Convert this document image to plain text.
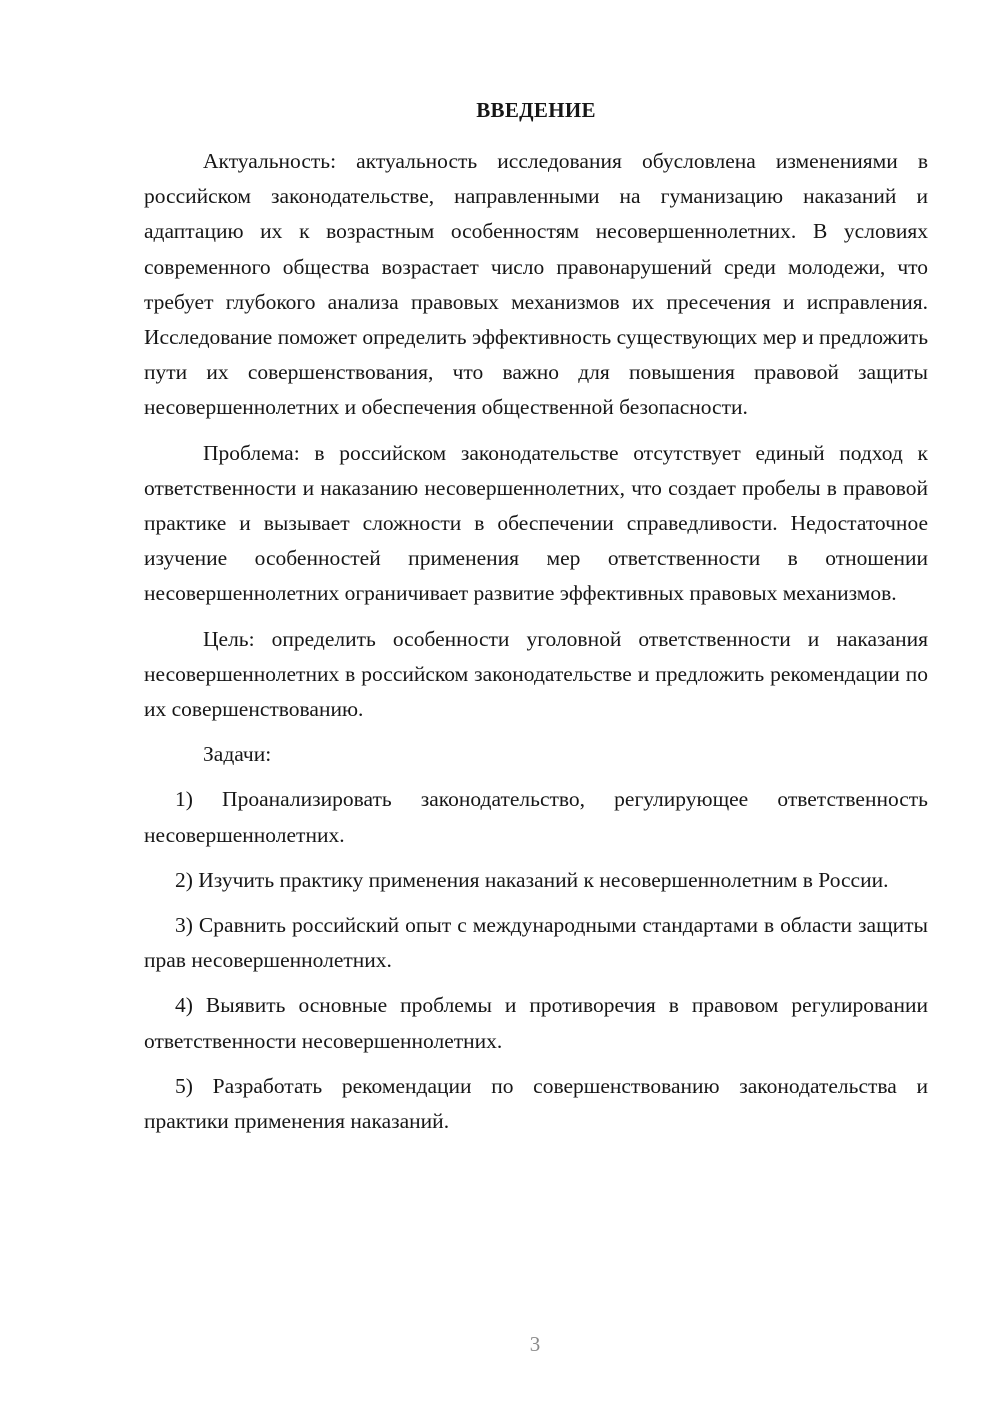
ВВЕДЕНИЕ

Актуальность: актуальность исследования обусловлена изменениями в российском законодательстве, направленными на гуманизацию наказаний и адаптацию их к возрастным особенностям несовершеннолетних. В условиях современного общества возрастает число правонарушений среди молодежи, что требует глубокого анализа правовых механизмов их пресечения и исправления. Исследование поможет определить эффективность существующих мер и предложить пути их совершенствования, что важно для повышения правовой защиты несовершеннолетних и обеспечения общественной безопасности.

Проблема: в российском законодательстве отсутствует единый подход к ответственности и наказанию несовершеннолетних, что создает пробелы в правовой практике и вызывает сложности в обеспечении справедливости. Недостаточное изучение особенностей применения мер ответственности в отношении несовершеннолетних ограничивает развитие эффективных правовых механизмов.

Цель: определить особенности уголовной ответственности и наказания несовершеннолетних в российском законодательстве и предложить рекомендации по их совершенствованию.

Задачи:

1) Проанализировать законодательство, регулирующее ответственность несовершеннолетних.

2) Изучить практику применения наказаний к несовершеннолетним в России.

3) Сравнить российский опыт с международными стандартами в области защиты прав несовершеннолетних.

4) Выявить основные проблемы и противоречия в правовом регулировании ответственности несовершеннолетних.

5) Разработать рекомендации по совершенствованию законодательства и практики применения наказаний.

3
